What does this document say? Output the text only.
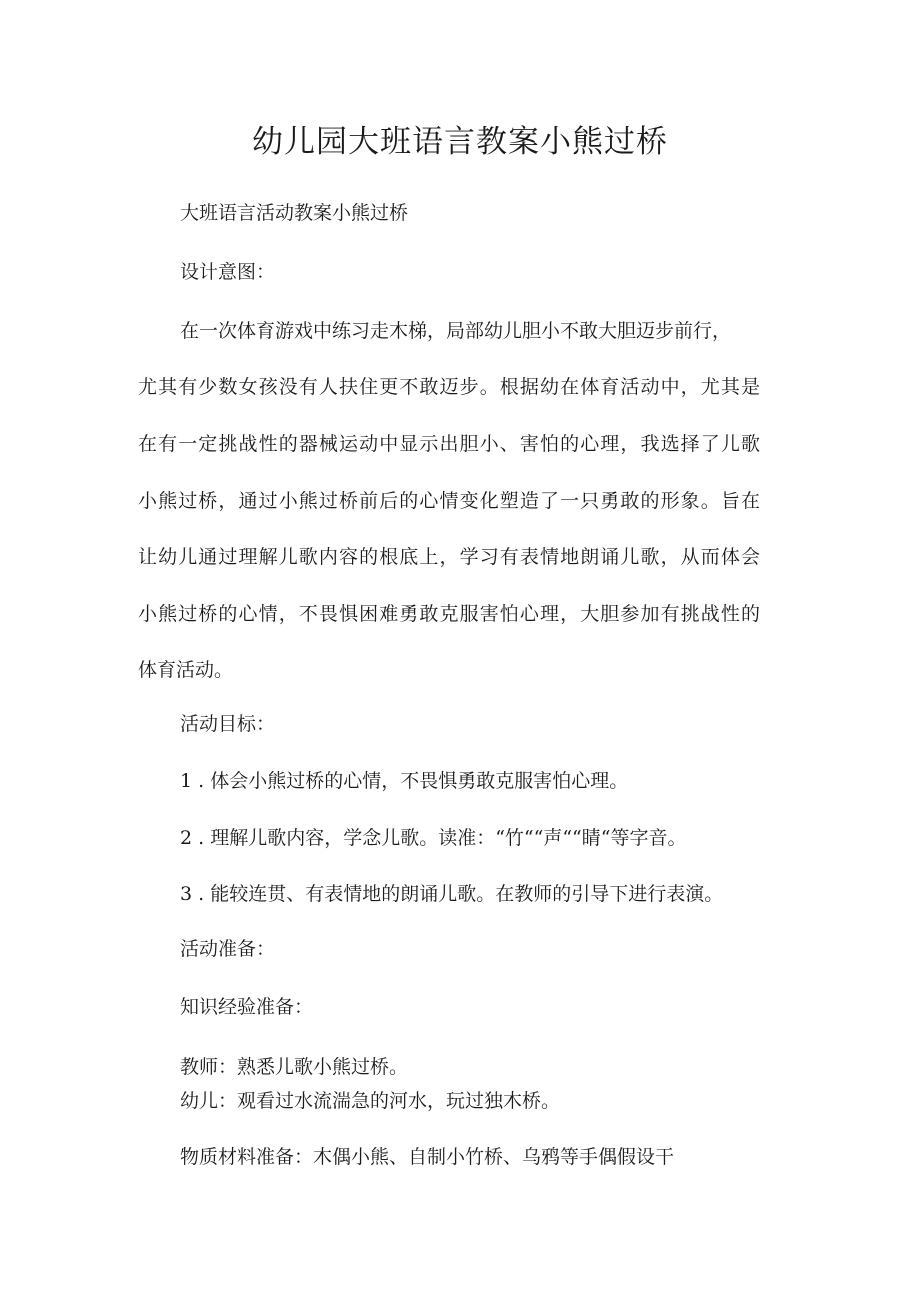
幼儿园大班语言教案小熊过桥

大班语言活动教案小熊过桥

设计意图：

在一次体育游戏中练习走木梯，局部幼儿胆小不敢大胆迈步前行，

尤其有少数女孩没有人扶住更不敢迈步。根据幼在体育活动中，尤其是

在有一定挑战性的器械运动中显示出胆小、害怕的心理，我选择了儿歌

小熊过桥，通过小熊过桥前后的心情变化塑造了一只勇敢的形象。旨在

让幼儿通过理解儿歌内容的根底上，学习有表情地朗诵儿歌，从而体会

小熊过桥的心情，不畏惧困难勇敢克服害怕心理，大胆参加有挑战性的

体育活动。

活动目标：

1 . 体会小熊过桥的心情，不畏惧勇敢克服害怕心理。

2 . 理解儿歌内容，学念儿歌。读准：“竹““声““睛“等字音。

3 . 能较连贯、有表情地的朗诵儿歌。在教师的引导下进行表演。

活动准备：

知识经验准备：

教师：熟悉儿歌小熊过桥。

幼儿：观看过水流湍急的河水，玩过独木桥。

物质材料准备：木偶小熊、自制小竹桥、乌鸦等手偶假设干
